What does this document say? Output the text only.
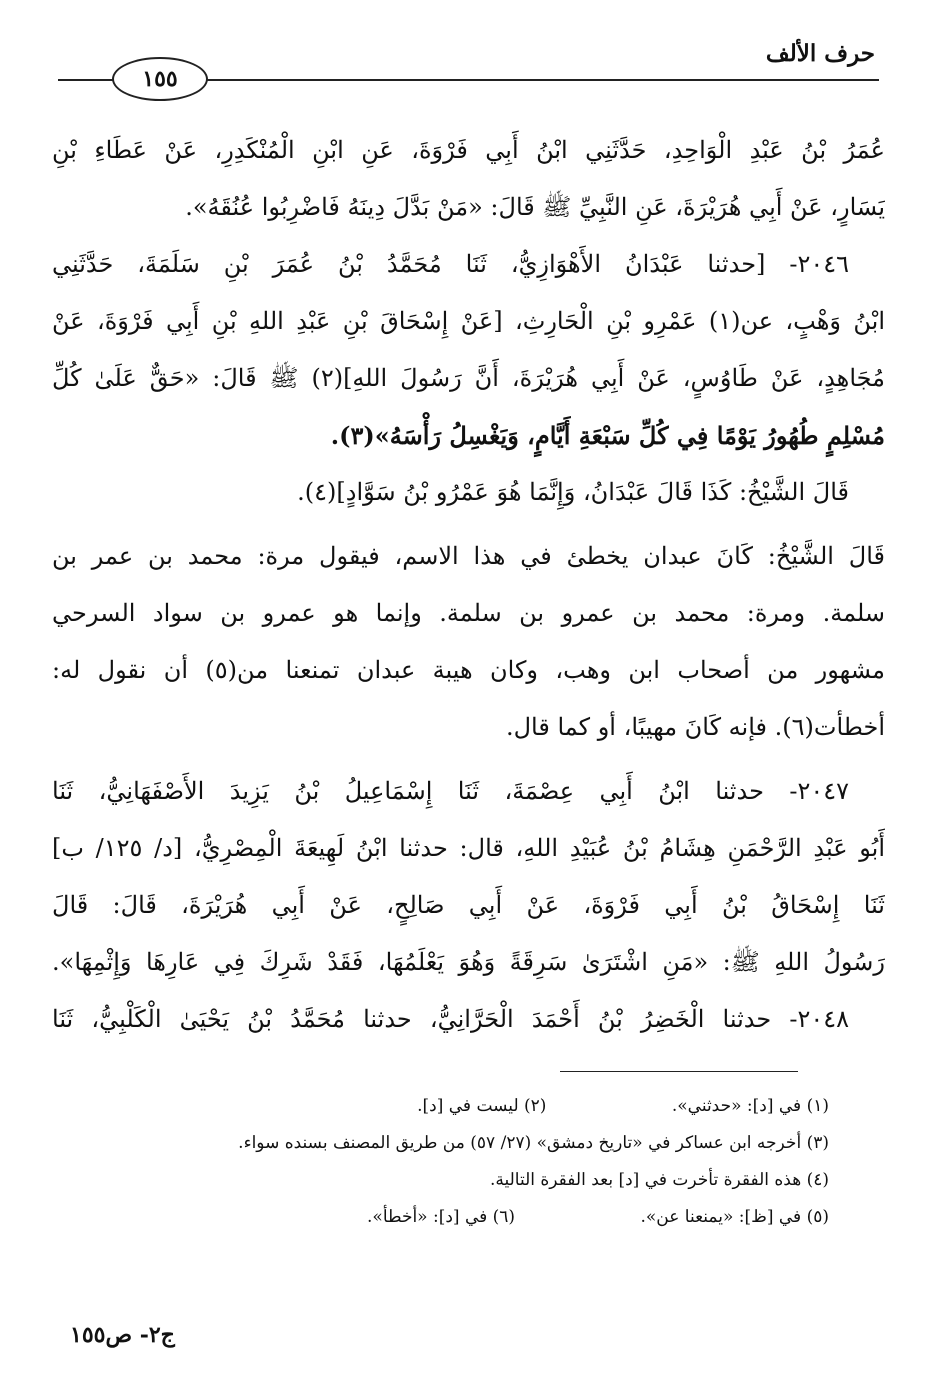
حرف الألف
١٥٥
عُمَرُ بْنُ عَبْدِ الْوَاحِدِ، حَدَّثَنِي ابْنُ أَبِي فَرْوَةَ، عَنِ ابْنِ الْمُنْكَدِرِ، عَنْ عَطَاءِ بْنِ
يَسَارٍ، عَنْ أَبِي هُرَيْرَةَ، عَنِ النَّبِيِّ ﷺ قَالَ: «مَنْ بَدَّلَ دِينَهُ فَاضْرِبُوا عُنُقَهُ».
٢٠٤٦- [حدثنا عَبْدَانُ الأَهْوَازِيُّ، ثَنَا مُحَمَّدُ بْنُ عُمَرَ بْنِ سَلَمَةَ، حَدَّثَنِي
ابْنُ وَهْبٍ، عن(١) عَمْرِو بْنِ الْحَارِثِ، [عَنْ إِسْحَاقَ بْنِ عَبْدِ اللهِ بْنِ أَبِي فَرْوَةَ، عَنْ
مُجَاهِدٍ، عَنْ طَاوُسٍ، عَنْ أَبِي هُرَيْرَةَ، أَنَّ رَسُولَ اللهِ](٢) ﷺ قَالَ: «حَقٌّ عَلَىٰ كُلِّ
مُسْلِمٍ طُهُورُ يَوْمًا فِي كُلِّ سَبْعَةِ أَيَّامٍ، وَيَغْسِلُ رَأْسَهُ»(٣).
قَالَ الشَّيْخُ: كَذَا قَالَ عَبْدَانُ، وَإِنَّمَا هُوَ عَمْرُو بْنُ سَوَّادٍ](٤).
قَالَ الشَّيْخُ: كَانَ عبدان يخطئ في هذا الاسم، فيقول مرة: محمد بن عمر بن
سلمة. ومرة: محمد بن عمرو بن سلمة. وإنما هو عمرو بن سواد السرحي
مشهور من أصحاب ابن وهب، وكان هيبة عبدان تمنعنا من(٥) أن نقول له:
أخطأت(٦). فإنه كَانَ مهيبًا، أو كما قال.
٢٠٤٧- حدثنا ابْنُ أَبِي عِصْمَةَ، ثَنَا إِسْمَاعِيلُ بْنُ يَزِيدَ الأَصْفَهَانِيُّ، ثَنَا
أَبُو عَبْدِ الرَّحْمَنِ هِشَامُ بْنُ عُبَيْدِ اللهِ، قال: حدثنا ابْنُ لَهِيعَةَ الْمِصْرِيُّ، [د/ ١٢٥/ ب]
ثَنَا إِسْحَاقُ بْنُ أَبِي فَرْوَةَ، عَنْ أَبِي صَالِحٍ، عَنْ أَبِي هُرَيْرَةَ، قَالَ: قَالَ
رَسُولُ اللهِ ﷺ: «مَنِ اشْتَرَىٰ سَرِقَةً وَهُوَ يَعْلَمُهَا، فَقَدْ شَرِكَ فِي عَارِهَا وَإِثْمِهَا».
٢٠٤٨- حدثنا الْخَضِرُ بْنُ أَحْمَدَ الْحَرَّانِيُّ، حدثنا مُحَمَّدُ بْنُ يَحْيَىٰ الْكَلْبِيُّ، ثَنَا
(١) في [د]: «حدثني». (٢) ليست في [د].
(٣) أخرجه ابن عساكر في «تاريخ دمشق» (٢٧/ ٥٧) من طريق المصنف بسنده سواء.
(٤) هذه الفقرة تأخرت في [د] بعد الفقرة التالية.
(٥) في [ظ]: «يمنعنا عن». (٦) في [د]: «أخطأ».
ج٢- ص١٥٥
